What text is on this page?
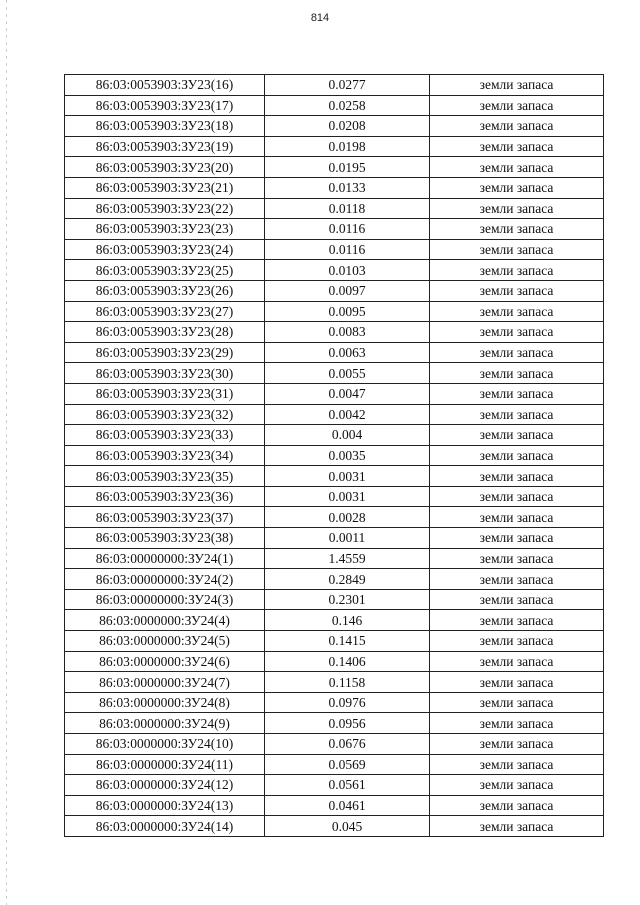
814
86:03:0053903:ЗУ23(16)	0.0277	земли запаса
86:03:0053903:ЗУ23(17)	0.0258	земли запаса
86:03:0053903:ЗУ23(18)	0.0208	земли запаса
86:03:0053903:ЗУ23(19)	0.0198	земли запаса
86:03:0053903:ЗУ23(20)	0.0195	земли запаса
86:03:0053903:ЗУ23(21)	0.0133	земли запаса
86:03:0053903:ЗУ23(22)	0.0118	земли запаса
86:03:0053903:ЗУ23(23)	0.0116	земли запаса
86:03:0053903:ЗУ23(24)	0.0116	земли запаса
86:03:0053903:ЗУ23(25)	0.0103	земли запаса
86:03:0053903:ЗУ23(26)	0.0097	земли запаса
86:03:0053903:ЗУ23(27)	0.0095	земли запаса
86:03:0053903:ЗУ23(28)	0.0083	земли запаса
86:03:0053903:ЗУ23(29)	0.0063	земли запаса
86:03:0053903:ЗУ23(30)	0.0055	земли запаса
86:03:0053903:ЗУ23(31)	0.0047	земли запаса
86:03:0053903:ЗУ23(32)	0.0042	земли запаса
86:03:0053903:ЗУ23(33)	0.004	земли запаса
86:03:0053903:ЗУ23(34)	0.0035	земли запаса
86:03:0053903:ЗУ23(35)	0.0031	земли запаса
86:03:0053903:ЗУ23(36)	0.0031	земли запаса
86:03:0053903:ЗУ23(37)	0.0028	земли запаса
86:03:0053903:ЗУ23(38)	0.0011	земли запаса
86:03:00000000:ЗУ24(1)	1.4559	земли запаса
86:03:00000000:ЗУ24(2)	0.2849	земли запаса
86:03:00000000:ЗУ24(3)	0.2301	земли запаса
86:03:0000000:ЗУ24(4)	0.146	земли запаса
86:03:0000000:ЗУ24(5)	0.1415	земли запаса
86:03:0000000:ЗУ24(6)	0.1406	земли запаса
86:03:0000000:ЗУ24(7)	0.1158	земли запаса
86:03:0000000:ЗУ24(8)	0.0976	земли запаса
86:03:0000000:ЗУ24(9)	0.0956	земли запаса
86:03:0000000:ЗУ24(10)	0.0676	земли запаса
86:03:0000000:ЗУ24(11)	0.0569	земли запаса
86:03:0000000:ЗУ24(12)	0.0561	земли запаса
86:03:0000000:ЗУ24(13)	0.0461	земли запаса
86:03:0000000:ЗУ24(14)	0.045	земли запаса
